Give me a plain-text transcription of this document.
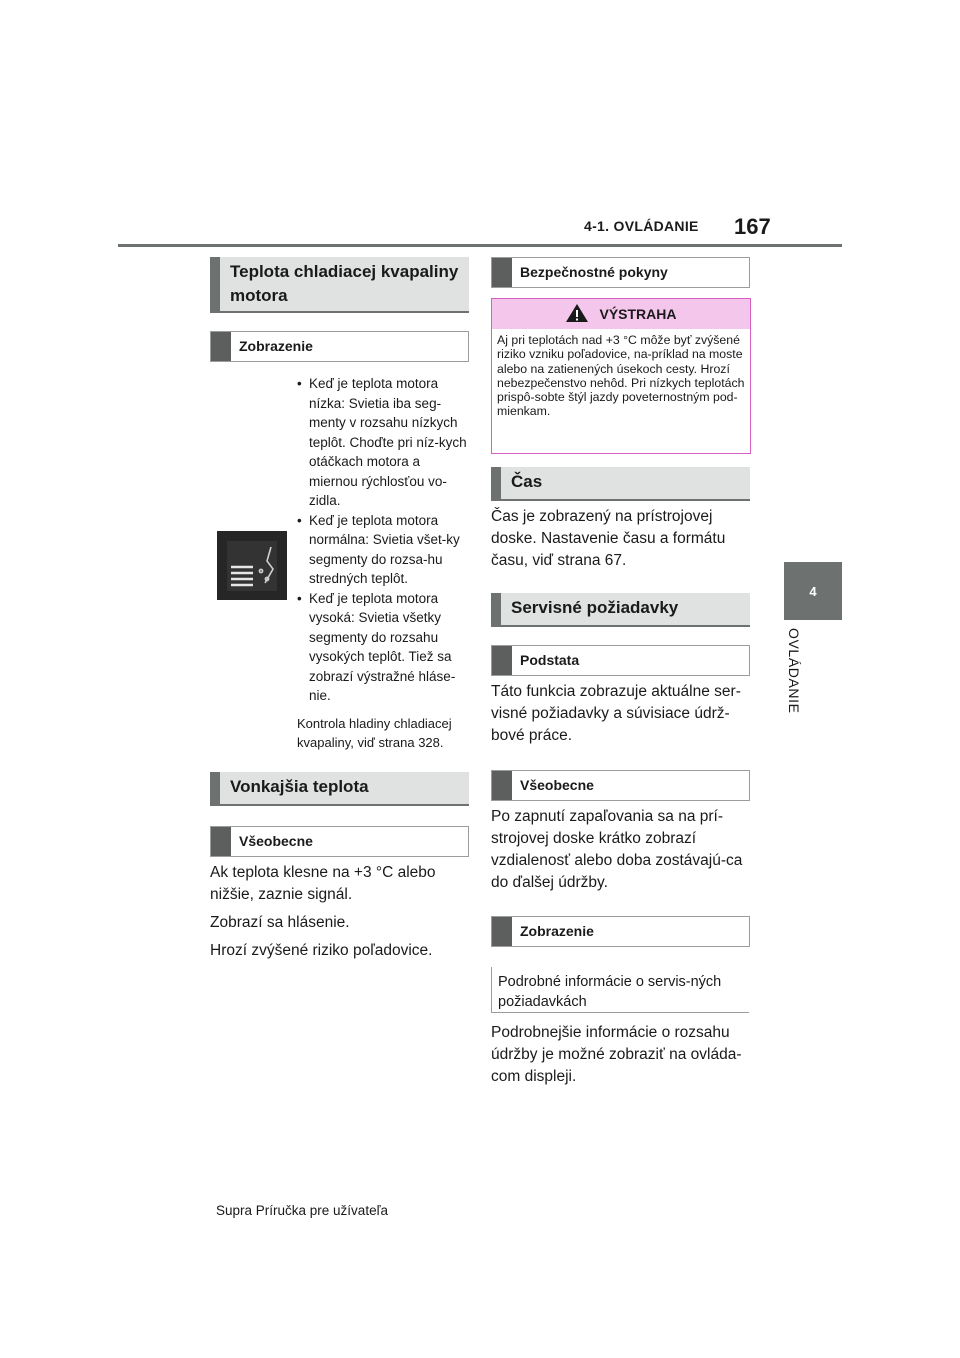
4-1. OVLÁDANIE 167
4
OVLÁDANIE
Teplota chladiacej kvapaliny
motora
Zobrazenie
• Keď je teplota motora nízka: Svietia iba seg-menty v rozsahu nízkych teplôt. Choďte pri níz-kych otáčkach motora a miernou rýchlosťou vo-zidla.
• Keď je teplota motora normálna: Svietia všet-ky segmenty do rozsa-hu stredných teplôt.
• Keď je teplota motora vysoká: Svietia všetky segmenty do rozsahu vysokých teplôt. Tiež sa zobrazí výstražné hláse-nie.
Kontrola hladiny chladiacej kvapaliny, viď strana 328.
Vonkajšia teplota
Všeobecne

Ak teplota klesne na +3 °C alebo nižšie, zaznie signál.

Zobrazí sa hlásenie.

Hrozí zvýšené riziko poľadovice.

Bezpečnostné pokyny
VÝSTRAHA
Aj pri teplotách nad +3 °C môže byť zvýšené riziko vzniku poľadovice, na-príklad na moste alebo na zatienených úsekoch cesty. Hrozí nebezpečenstvo nehôd. Pri nízkych teplotách prispô-sobte štýl jazdy poveternostným pod-mienkam.
Čas
Čas je zobrazený na prístrojovej doske. Nastavenie času a formátu času, viď strana 67.
Servisné požiadavky
Podstata
Táto funkcia zobrazuje aktuálne ser-visné požiadavky a súvisiace údrž-bové práce.
Všeobecne
Po zapnutí zapaľovania sa na prí-strojovej doske krátko zobrazí vzdialenosť alebo doba zostávajú-ca do ďalšej údržby.
Zobrazenie
Podrobné informácie o servis-ných požiadavkách
Podrobnejšie informácie o rozsahu údržby je možné zobraziť na ovláda-com displeji.
Supra Príručka pre užívateľa
